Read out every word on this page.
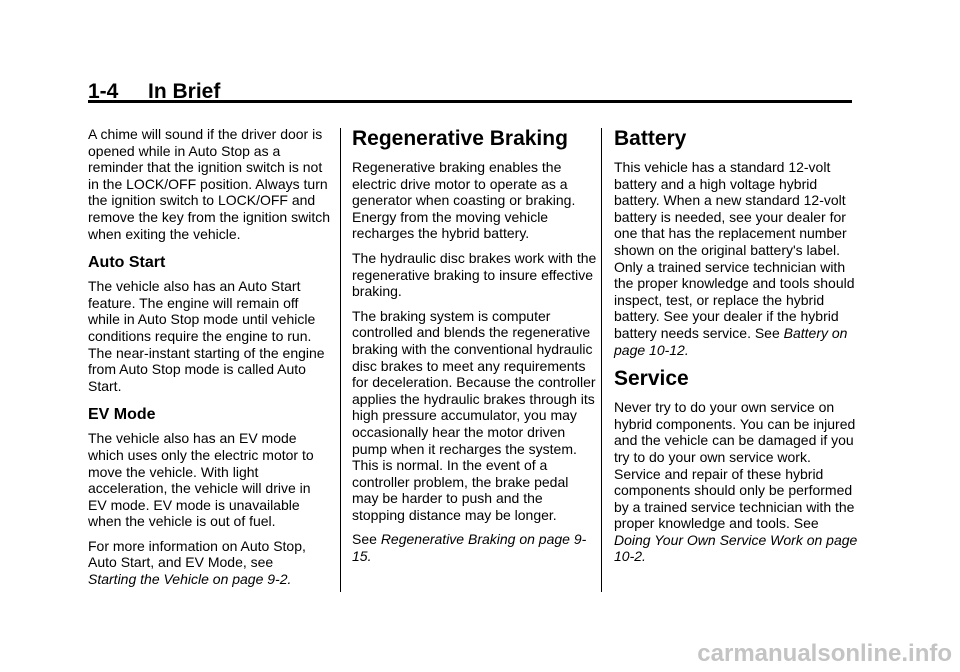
1-4 In Brief

A chime will sound if the driver door is opened while in Auto Stop as a reminder that the ignition switch is not in the LOCK/OFF position. Always turn the ignition switch to LOCK/OFF and remove the key from the ignition switch when exiting the vehicle.

Auto Start

The vehicle also has an Auto Start feature. The engine will remain off while in Auto Stop mode until vehicle conditions require the engine to run. The near-instant starting of the engine from Auto Stop mode is called Auto Start.

EV Mode

The vehicle also has an EV mode which uses only the electric motor to move the vehicle. With light acceleration, the vehicle will drive in EV mode. EV mode is unavailable when the vehicle is out of fuel.

For more information on Auto Stop, Auto Start, and EV Mode, see
Starting the Vehicle on page 9-2.

Regenerative Braking

Regenerative braking enables the electric drive motor to operate as a generator when coasting or braking. Energy from the moving vehicle recharges the hybrid battery.

The hydraulic disc brakes work with the regenerative braking to insure effective braking.

The braking system is computer controlled and blends the regenerative braking with the conventional hydraulic disc brakes to meet any requirements for deceleration. Because the controller applies the hydraulic brakes through its high pressure accumulator, you may occasionally hear the motor driven pump when it recharges the system. This is normal. In the event of a controller problem, the brake pedal may be harder to push and the stopping distance may be longer.

See Regenerative Braking on page 9-15.

Battery

This vehicle has a standard 12-volt battery and a high voltage hybrid battery. When a new standard 12-volt battery is needed, see your dealer for one that has the replacement number shown on the original battery's label. Only a trained service technician with the proper knowledge and tools should inspect, test, or replace the hybrid battery. See your dealer if the hybrid battery needs service. See Battery on page 10-12.

Service

Never try to do your own service on hybrid components. You can be injured and the vehicle can be damaged if you try to do your own service work. Service and repair of these hybrid components should only be performed by a trained service technician with the proper knowledge and tools. See Doing Your Own Service Work on page 10-2.

carmanualsonline.info
